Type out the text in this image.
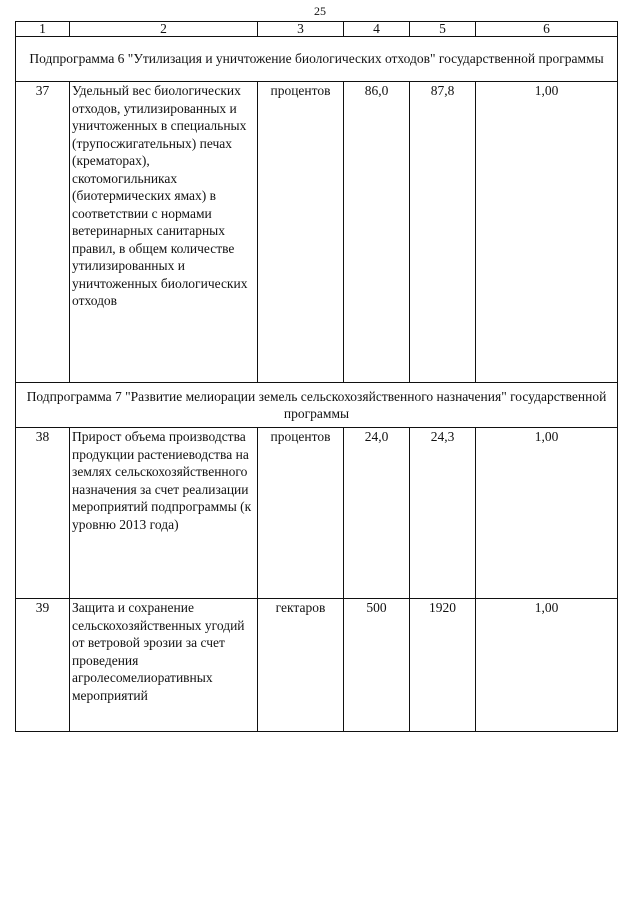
25
1	2	3	4	5	6
Подпрограмма 6 "Утилизация и уничтожение биологических отходов" государственной программы					
37	Удельный вес биологических отходов, утилизированных и уничтоженных в специальных (трупосжигательных) печах (крематорах), скотомогильниках (биотермических ямах) в соответствии с нормами ветеринарных санитарных правил, в общем количестве утилизированных и уничтоженных биологических отходов	процентов	86,0	87,8	1,00
Подпрограмма 7 "Развитие мелиорации земель сельскохозяйственного назначения" государственной программы					
38	Прирост объема производства продукции растениеводства на землях сельскохозяйственного назначения за счет реализации мероприятий подпрограммы (к уровню 2013 года)	процентов	24,0	24,3	1,00
39	Защита и сохранение сельскохозяйственных угодий от ветровой эрозии за счет проведения агролесомелиоративных мероприятий	гектаров	500	1920	1,00
